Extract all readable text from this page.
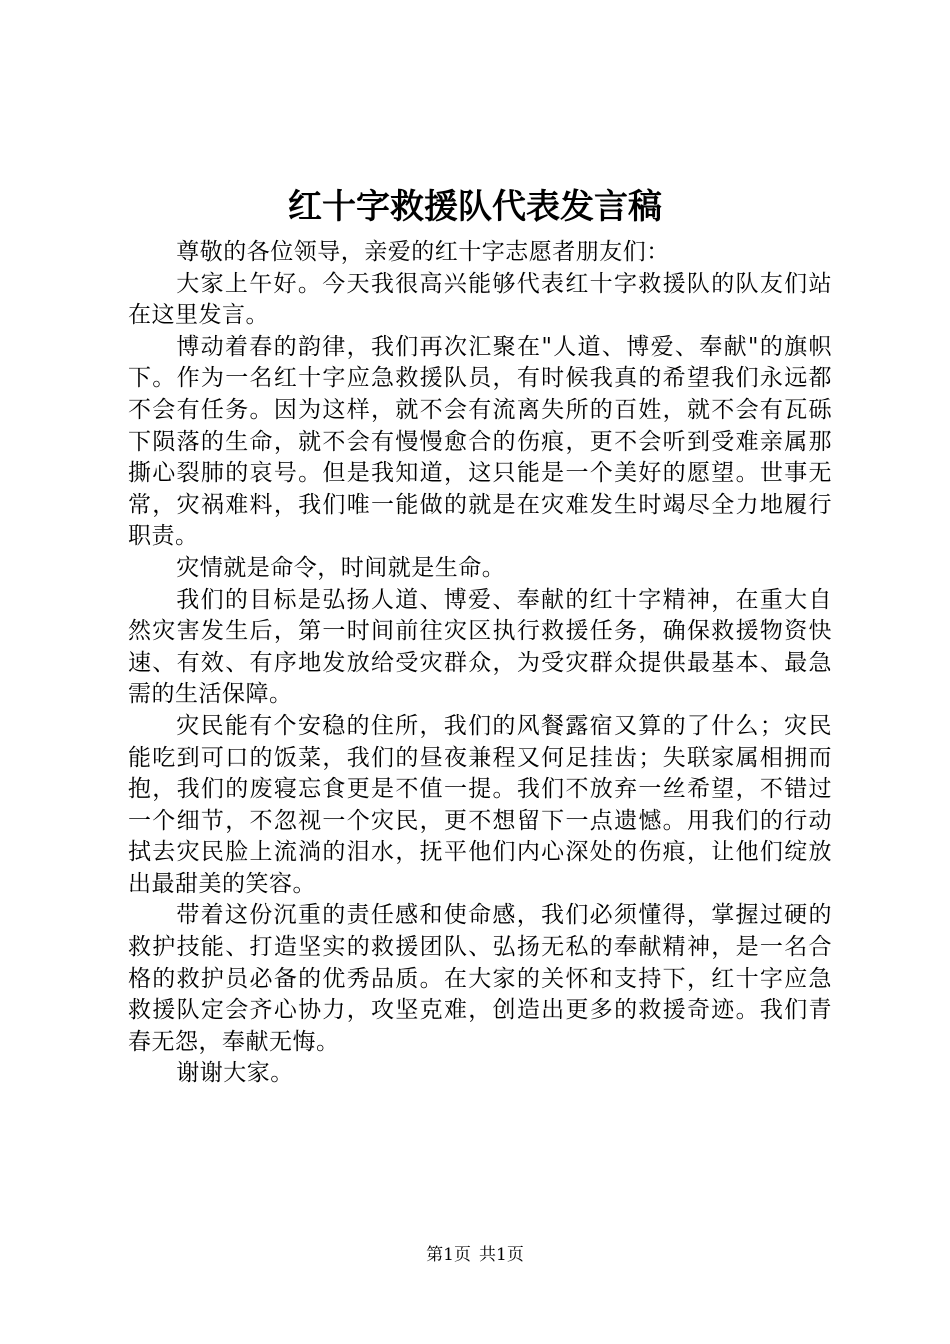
红十字救援队代表发言稿

尊敬的各位领导，亲爱的红十字志愿者朋友们：

大家上午好。今天我很高兴能够代表红十字救援队的队友们站在这里发言。

博动着春的韵律，我们再次汇聚在"人道、博爱、奉献"的旗帜下。作为一名红十字应急救援队员，有时候我真的希望我们永远都不会有任务。因为这样，就不会有流离失所的百姓，就不会有瓦砾下陨落的生命，就不会有慢慢愈合的伤痕，更不会听到受难亲属那撕心裂肺的哀号。但是我知道，这只能是一个美好的愿望。世事无常，灾祸难料，我们唯一能做的就是在灾难发生时竭尽全力地履行职责。

灾情就是命令，时间就是生命。

我们的目标是弘扬人道、博爱、奉献的红十字精神，在重大自然灾害发生后，第一时间前往灾区执行救援任务，确保救援物资快速、有效、有序地发放给受灾群众，为受灾群众提供最基本、最急需的生活保障。

灾民能有个安稳的住所，我们的风餐露宿又算的了什么；灾民能吃到可口的饭菜，我们的昼夜兼程又何足挂齿；失联家属相拥而抱，我们的废寝忘食更是不值一提。我们不放弃一丝希望，不错过一个细节，不忽视一个灾民，更不想留下一点遗憾。用我们的行动拭去灾民脸上流淌的泪水，抚平他们内心深处的伤痕，让他们绽放出最甜美的笑容。

带着这份沉重的责任感和使命感，我们必须懂得，掌握过硬的救护技能、打造坚实的救援团队、弘扬无私的奉献精神，是一名合格的救护员必备的优秀品质。在大家的关怀和支持下，红十字应急救援队定会齐心协力，攻坚克难，创造出更多的救援奇迹。我们青春无怨，奉献无悔。

谢谢大家。

第1页 共1页
